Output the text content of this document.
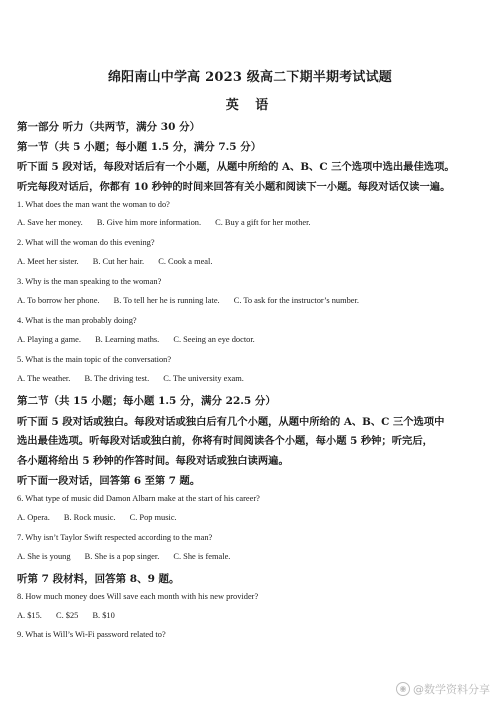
绵阳南山中学高 2023 级高二下期半期考试试题
英 语
第一部分 听力（共两节，满分 30 分）
第一节（共 5 小题；每小题 1.5 分，满分 7.5 分）
听下面 5 段对话，每段对话后有一个小题，从题中所给的 A、B、C 三个选项中选出最佳选项。
听完每段对话后，你都有 10 秒钟的时间来回答有关小题和阅读下一小题。每段对话仅读一遍。
1. What does the man want the woman to do?
A. Save her money. B. Give him more information. C. Buy a gift for her mother.
2. What will the woman do this evening?
A. Meet her sister. B. Cut her hair. C. Cook a meal.
3. Why is the man speaking to the woman?
A. To borrow her phone. B. To tell her he is running late. C. To ask for the instructor’s number.
4. What is the man probably doing?
A. Playing a game. B. Learning maths. C. Seeing an eye doctor.
5. What is the main topic of the conversation?
A. The weather. B. The driving test. C. The university exam.
第二节（共 15 小题；每小题 1.5 分，满分 22.5 分）
听下面 5 段对话或独白。每段对话或独白后有几个小题，从题中所给的 A、B、C 三个选项中
选出最佳选项。听每段对话或独白前，你将有时间阅读各个小题，每小题 5 秒钟；听完后，
各小题将给出 5 秒钟的作答时间。每段对话或独白读两遍。
听下面一段对话，回答第 6 至第 7 题。
6. What type of music did Damon Albarn make at the start of his career?
A. Opera. B. Rock music. C. Pop music.
7. Why isn’t Taylor Swift respected according to the man?
A. She is young B. She is a pop singer. C. She is female.
听第 7 段材料，回答第 8、9 题。
8. How much money does Will save each month with his new provider?
A. $15. C. $25 B. $10
9. What is Will’s Wi-Fi password related to?
◉ @数学资料分享
